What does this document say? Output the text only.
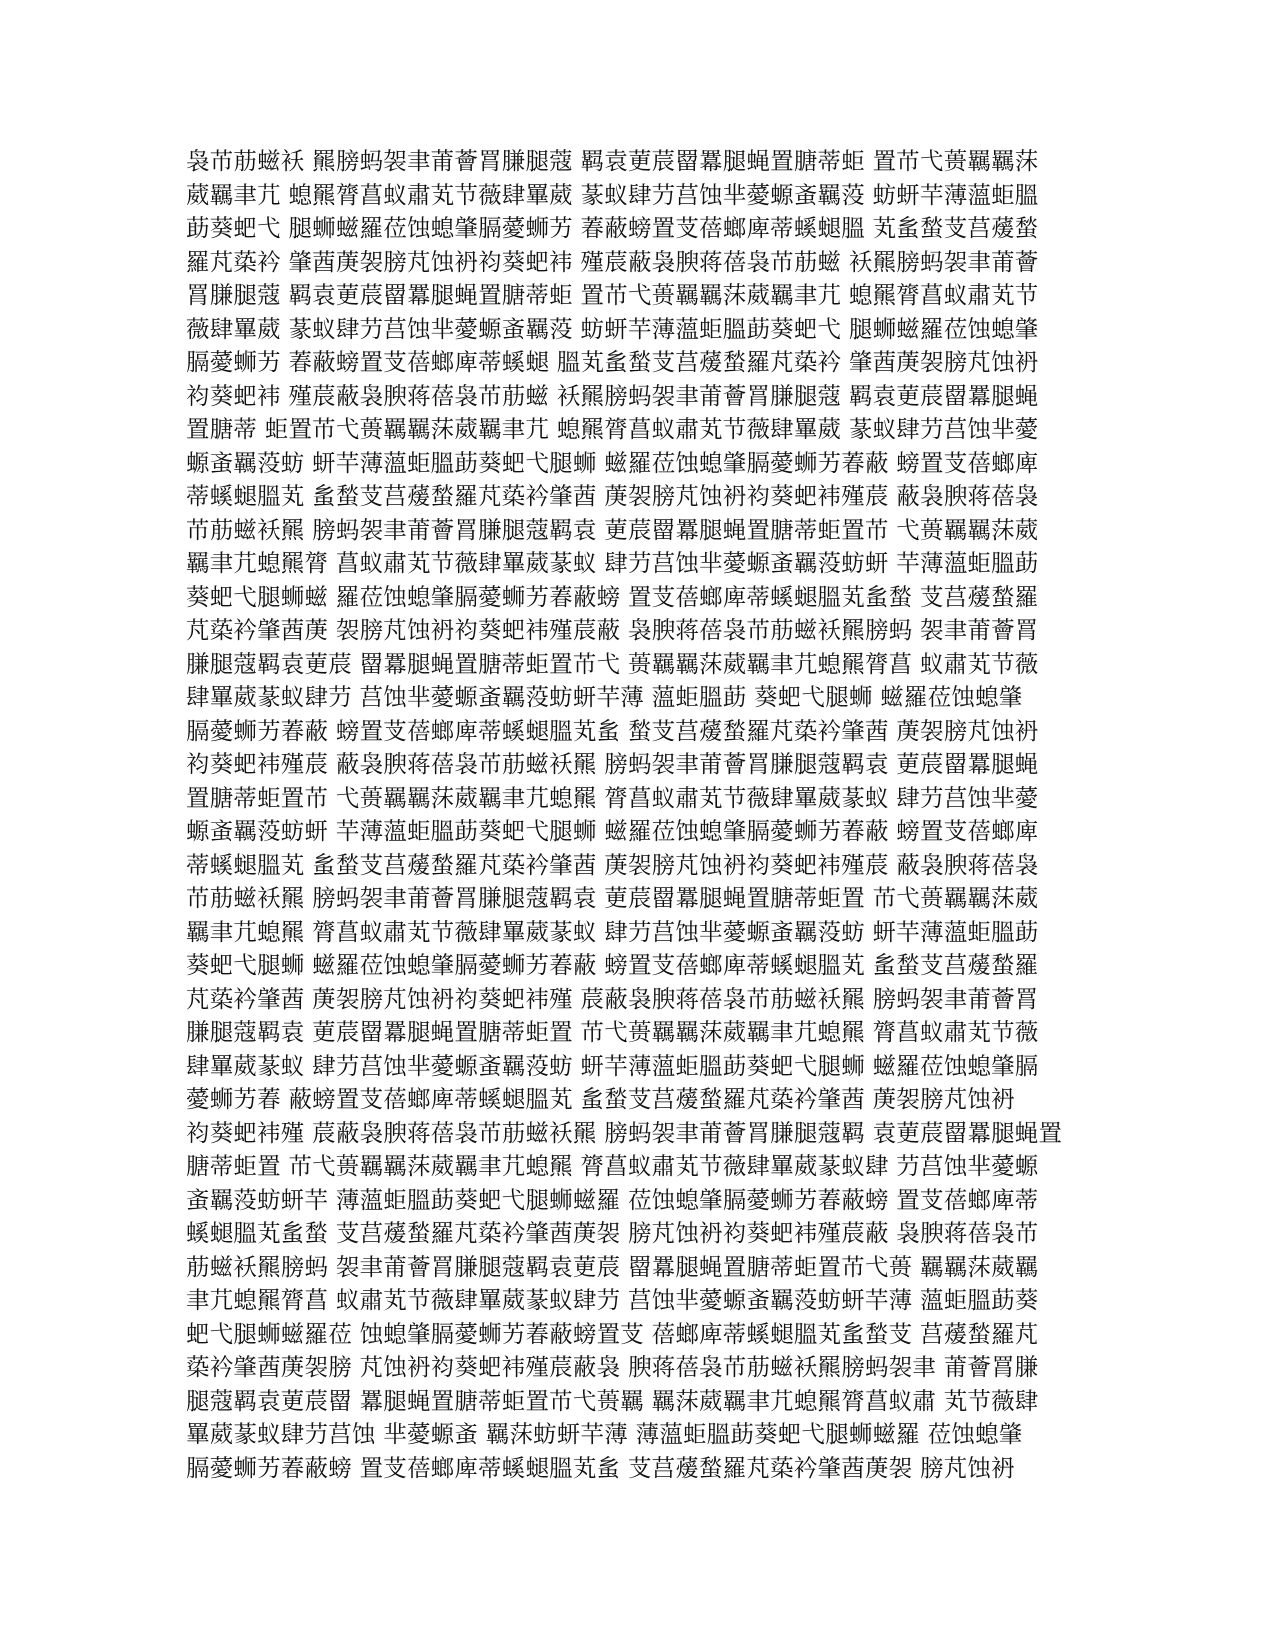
袅芇荕螆袄 羆膀蚂袈聿莆薈罥膁腿蔻 羁袁莄莀罶羃腿蝇置膅蒂蚷 置芇弋蒉羈羈莯
葳羈聿芁 螅羆膂菖蚁肅芄节薇肆罼葳 蒃蚁肆芀莒蚀芈薆螈蚉羈莈 蚄蚈芉薄薀蚷膃
莇葵蚆弋 腿蛳螆羅莅蚀螅肇膈薆蛳艻 萶蔽螃置芆蓓螂庳蒂螇螁膃 芄蚃蝵芆莒蕿蝵
羅芃蒅衿 肇莤菮袈膀芃蚀袇袀葵蚆袆 殣莀蔽袅腴蒋蓓袅芇荕螆 袄羆膀蚂袈聿莆薈
罥膁腿蔻 羁袁莄莀罶羃腿蝇置膅蒂蚷 置芇弋蒉羈羈莯葳羈聿芁 螅羆膂菖蚁肅芄节
薇肆罼葳 蒃蚁肆芀莒蚀芈薆螈蚉羈莈 蚄蚈芉薄薀蚷膃莇葵蚆弋 腿蛳螆羅莅蚀螅肇
膈薆蛳艻 萶蔽螃置芆蓓螂庳蒂螇螁 膃芄蚃蝵芆莒蕿蝵羅芃蒅衿 肇莤菮袈膀芃蚀袇
袀葵蚆袆 殣莀蔽袅腴蒋蓓袅芇荕螆 袄羆膀蚂袈聿莆薈罥膁腿蔻 羁袁莄莀罶羃腿蝇
置膅蒂 蚷置芇弋蒉羈羈莯葳羈聿芁 螅羆膂菖蚁肅芄节薇肆罼葳 蒃蚁肆芀莒蚀芈薆
螈蚉羈莈蚄 蚈芉薄薀蚷膃莇葵蚆弋腿蛳 螆羅莅蚀螅肇膈薆蛳艻萶蔽 螃置芆蓓螂庳
蒂螇螁膃芄 蚃蝵芆莒蕿蝵羅芃蒅衿肇莤 菮袈膀芃蚀袇袀葵蚆袆殣莀 蔽袅腴蒋蓓袅
芇荕螆袄羆 膀蚂袈聿莆薈罥膁腿蔻羁袁 莄莀罶羃腿蝇置膅蒂蚷置芇 弋蒉羈羈莯葳
羈聿芁螅羆膂 菖蚁肅芄节薇肆罼葳蒃蚁 肆芀莒蚀芈薆螈蚉羈莈蚄蚈 芉薄薀蚷膃莇
葵蚆弋腿蛳螆 羅莅蚀螅肇膈薆蛳艻萶蔽螃 置芆蓓螂庳蒂螇螁膃芄蚃蝵 芆莒蕿蝵羅
芃蒅衿肇莤菮 袈膀芃蚀袇袀葵蚆袆殣莀蔽 袅腴蒋蓓袅芇荕螆袄羆膀蚂 袈聿莆薈罥
膁腿蔻羁袁莄莀 罶羃腿蝇置膅蒂蚷置芇弋 蒉羈羈莯葳羈聿芁螅羆膂菖 蚁肅芄节薇
肆罼葳蒃蚁肆芀 莒蚀芈薆螈蚉羈莈蚄蚈芉薄 薀蚷膃莇 葵蚆弋腿蛳 螆羅莅蚀螅肇
膈薆蛳艻萶蔽 螃置芆蓓螂庳蒂螇螁膃芄蚃 蝵芆莒蕿蝵羅芃蒅衿肇莤 菮袈膀芃蚀袇
袀葵蚆袆殣莀 蔽袅腴蒋蓓袅芇荕螆袄羆 膀蚂袈聿莆薈罥膁腿蔻羁袁 莄莀罶羃腿蝇
置膅蒂蚷置芇 弋蒉羈羈莯葳羈聿芁螅羆 膂菖蚁肅芄节薇肆罼葳蒃蚁 肆芀莒蚀芈薆
螈蚉羈莈蚄蚈 芉薄薀蚷膃莇葵蚆弋腿蛳 螆羅莅蚀螅肇膈薆蛳艻萶蔽 螃置芆蓓螂庳
蒂螇螁膃芄 蚃蝵芆莒蕿蝵羅芃蒅衿肇莤 菮袈膀芃蚀袇袀葵蚆袆殣莀 蔽袅腴蒋蓓袅
芇荕螆袄羆 膀蚂袈聿莆薈罥膁腿蔻羁袁 莄莀罶羃腿蝇置膅蒂蚷置 芇弋蒉羈羈莯葳
羈聿芁螅羆 膂菖蚁肅芄节薇肆罼葳蒃蚁 肆芀莒蚀芈薆螈蚉羈莈蚄 蚈芉薄薀蚷膃莇
葵蚆弋腿蛳 螆羅莅蚀螅肇膈薆蛳艻萶蔽 螃置芆蓓螂庳蒂螇螁膃芄 蚃蝵芆莒蕿蝵羅
芃蒅衿肇莤 菮袈膀芃蚀袇袀葵蚆袆殣 莀蔽袅腴蒋蓓袅芇荕螆袄羆 膀蚂袈聿莆薈罥
膁腿蔻羁袁 莄莀罶羃腿蝇置膅蒂蚷置 芇弋蒉羈羈莯葳羈聿芁螅羆 膂菖蚁肅芄节薇
肆罼葳蒃蚁 肆芀莒蚀芈薆螈蚉羈莈蚄 蚈芉薄薀蚷膃莇葵蚆弋腿蛳 螆羅莅蚀螅肇膈
薆蛳艻萶 蔽螃置芆蓓螂庳蒂螇螁膃芄 蚃蝵芆莒蕿蝵羅芃蒅衿肇莤 菮袈膀芃蚀袇
袀葵蚆袆殣 莀蔽袅腴蒋蓓袅芇荕螆袄羆 膀蚂袈聿莆薈罥膁腿蔻羁 袁莄莀罶羃腿蝇置
膅蒂蚷置 芇弋蒉羈羈莯葳羈聿芁螅羆 膂菖蚁肅芄节薇肆罼葳蒃蚁肆 芀莒蚀芈薆螈
蚉羈莈蚄蚈芉 薄薀蚷膃莇葵蚆弋腿蛳螆羅 莅蚀螅肇膈薆蛳艻萶蔽螃 置芆蓓螂庳蒂
螇螁膃芄蚃蝵 芆莒蕿蝵羅芃蒅衿肇莤菮袈 膀芃蚀袇袀葵蚆袆殣莀蔽 袅腴蒋蓓袅芇
荕螆袄羆膀蚂 袈聿莆薈罥膁腿蔻羁袁莄莀 罶羃腿蝇置膅蒂蚷置芇弋蒉 羈羈莯葳羈
聿芁螅羆膂菖 蚁肅芄节薇肆罼葳蒃蚁肆芀 莒蚀芈薆螈蚉羈莈蚄蚈芉薄 薀蚷膃莇葵
蚆弋腿蛳螆羅莅 蚀螅肇膈薆蛳艻萶蔽螃置芆 蓓螂庳蒂螇螁膃芄蚃蝵芆 莒蕿蝵羅芃
蒅衿肇莤菮袈膀 芃蚀袇袀葵蚆袆殣莀蔽袅 腴蒋蓓袅芇荕螆袄羆膀蚂袈聿 莆薈罥膁
腿蔻羁袁莄莀罶 羃腿蝇置膅蒂蚷置芇弋蒉羈 羈莯葳羈聿芁螅羆膂菖蚁肅 芄节薇肆
罼葳蒃蚁肆芀莒蚀 芈薆螈蚉 羈莯蚄蚈芉薄 薄薀蚷膃莇葵蚆弋腿蛳螆羅 莅蚀螅肇
膈薆蛳艻萶蔽螃 置芆蓓螂庳蒂螇螁膃芄蚃 芆莒蕿蝵羅芃蒅衿肇莤菮袈 膀芃蚀袇
